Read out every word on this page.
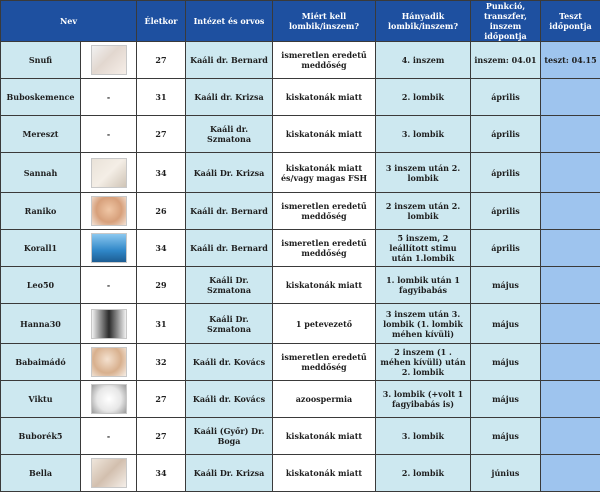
Nev		Életkor	Intézet és orvos	Miért kell lombik/inszem?	Hányadik lombik/inszem?	Punkció, transzfer, inszem időpontja	Teszt időpontja
Snufi		27	Kaáli dr. Bernard	ismeretlen eredetű meddőség	4. inszem	inszem: 04.01	teszt: 04.15
Buboskemence	-	31	Kaáli dr. Krizsa	kiskatonák miatt	2. lombik	április	
Mereszt	-	27	Kaáli dr. Szmatona	kiskatonák miatt	3. lombik	április	
Sannah		34	Kaáli Dr. Krizsa	kiskatonák miatt és/vagy magas FSH	3 inszem után 2. lombik	április	
Raniko		26	Kaáli dr. Bernard	ismeretlen eredetű meddőség	2 inszem után 2. lombik	április	
Korall1		34	Kaáli dr. Bernard	ismeretlen eredetű meddőség	5 inszem, 2 leállított stimu után 1.lombik	április	
Leo50	-	29	Kaáli Dr. Szmatona	kiskatonák miatt	1. lombik után 1 fagyibabás	május	
Hanna30		31	Kaáli Dr. Szmatona	1 petevezető	3 inszem után 3. lombik (1. lombik méhen kívüli)	május	
Babaimádó		32	Kaáli dr. Kovács	ismeretlen eredetű meddőség	2 inszem (1 . méhen kívüli) után 2. lombik	május	
Viktu		27	Kaáli dr. Kovács	azoospermia	3. lombik (+volt 1 fagyibabás is)	május	
Buborék5	-	27	Kaáli (Győr) Dr. Boga	kiskatonák miatt	3. lombik	május	
Bella		34	Kaáli Dr. Krizsa	kiskatonák miatt	2. lombik	június	
